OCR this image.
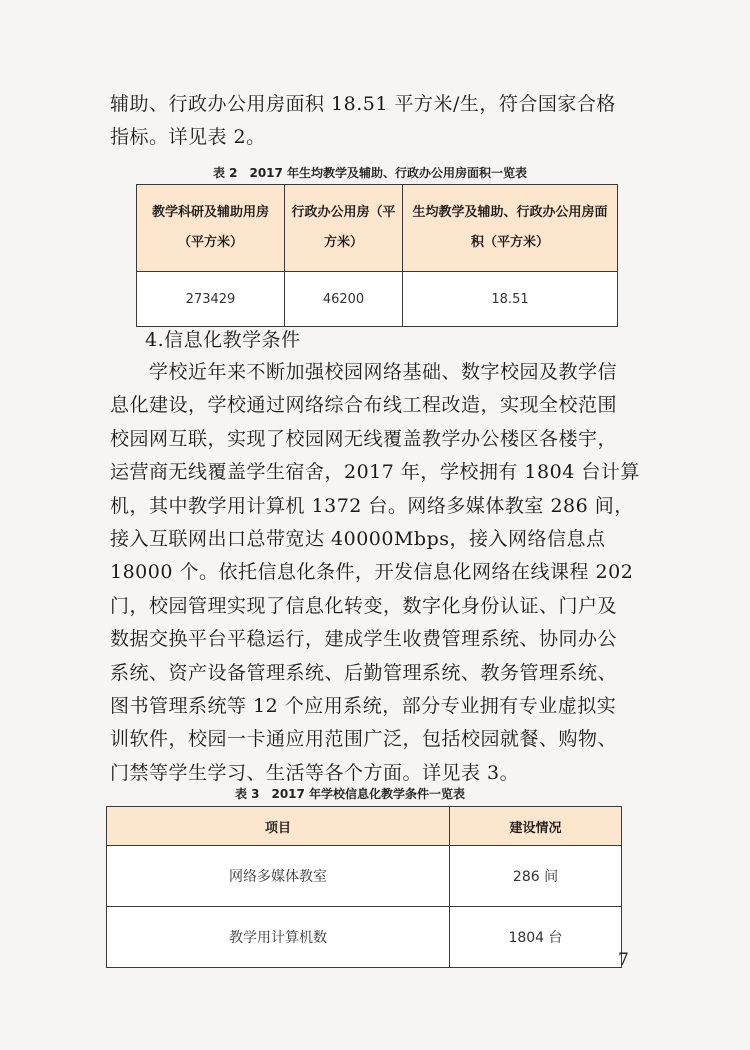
辅助、行政办公用房面积 18.51 平方米/生，符合国家合格
指标。详见表 2。

表 2　2017 年生均教学及辅助、行政办公用房面积一览表
教学科研及辅助用房（平方米）	行政办公用房（平方米）	生均教学及辅助、行政办公用房面积（平方米）
273429	46200	18.51
4.信息化教学条件

　　学校近年来不断加强校园网络基础、数字校园及教学信
息化建设，学校通过网络综合布线工程改造，实现全校范围
校园网互联，实现了校园网无线覆盖教学办公楼区各楼宇，
运营商无线覆盖学生宿舍，2017 年，学校拥有 1804 台计算
机，其中教学用计算机 1372 台。网络多媒体教室 286 间，
接入互联网出口总带宽达 40000Mbps，接入网络信息点
18000 个。依托信息化条件，开发信息化网络在线课程 202
门，校园管理实现了信息化转变，数字化身份认证、门户及
数据交换平台平稳运行，建成学生收费管理系统、协同办公
系统、资产设备管理系统、后勤管理系统、教务管理系统、
图书管理系统等 12 个应用系统，部分专业拥有专业虚拟实
训软件，校园一卡通应用范围广泛，包括校园就餐、购物、
门禁等学生学习、生活等各个方面。详见表 3。

表 3　2017 年学校信息化教学条件一览表
项目	建设情况
网络多媒体教室	286 间
教学用计算机数	1804 台
7
